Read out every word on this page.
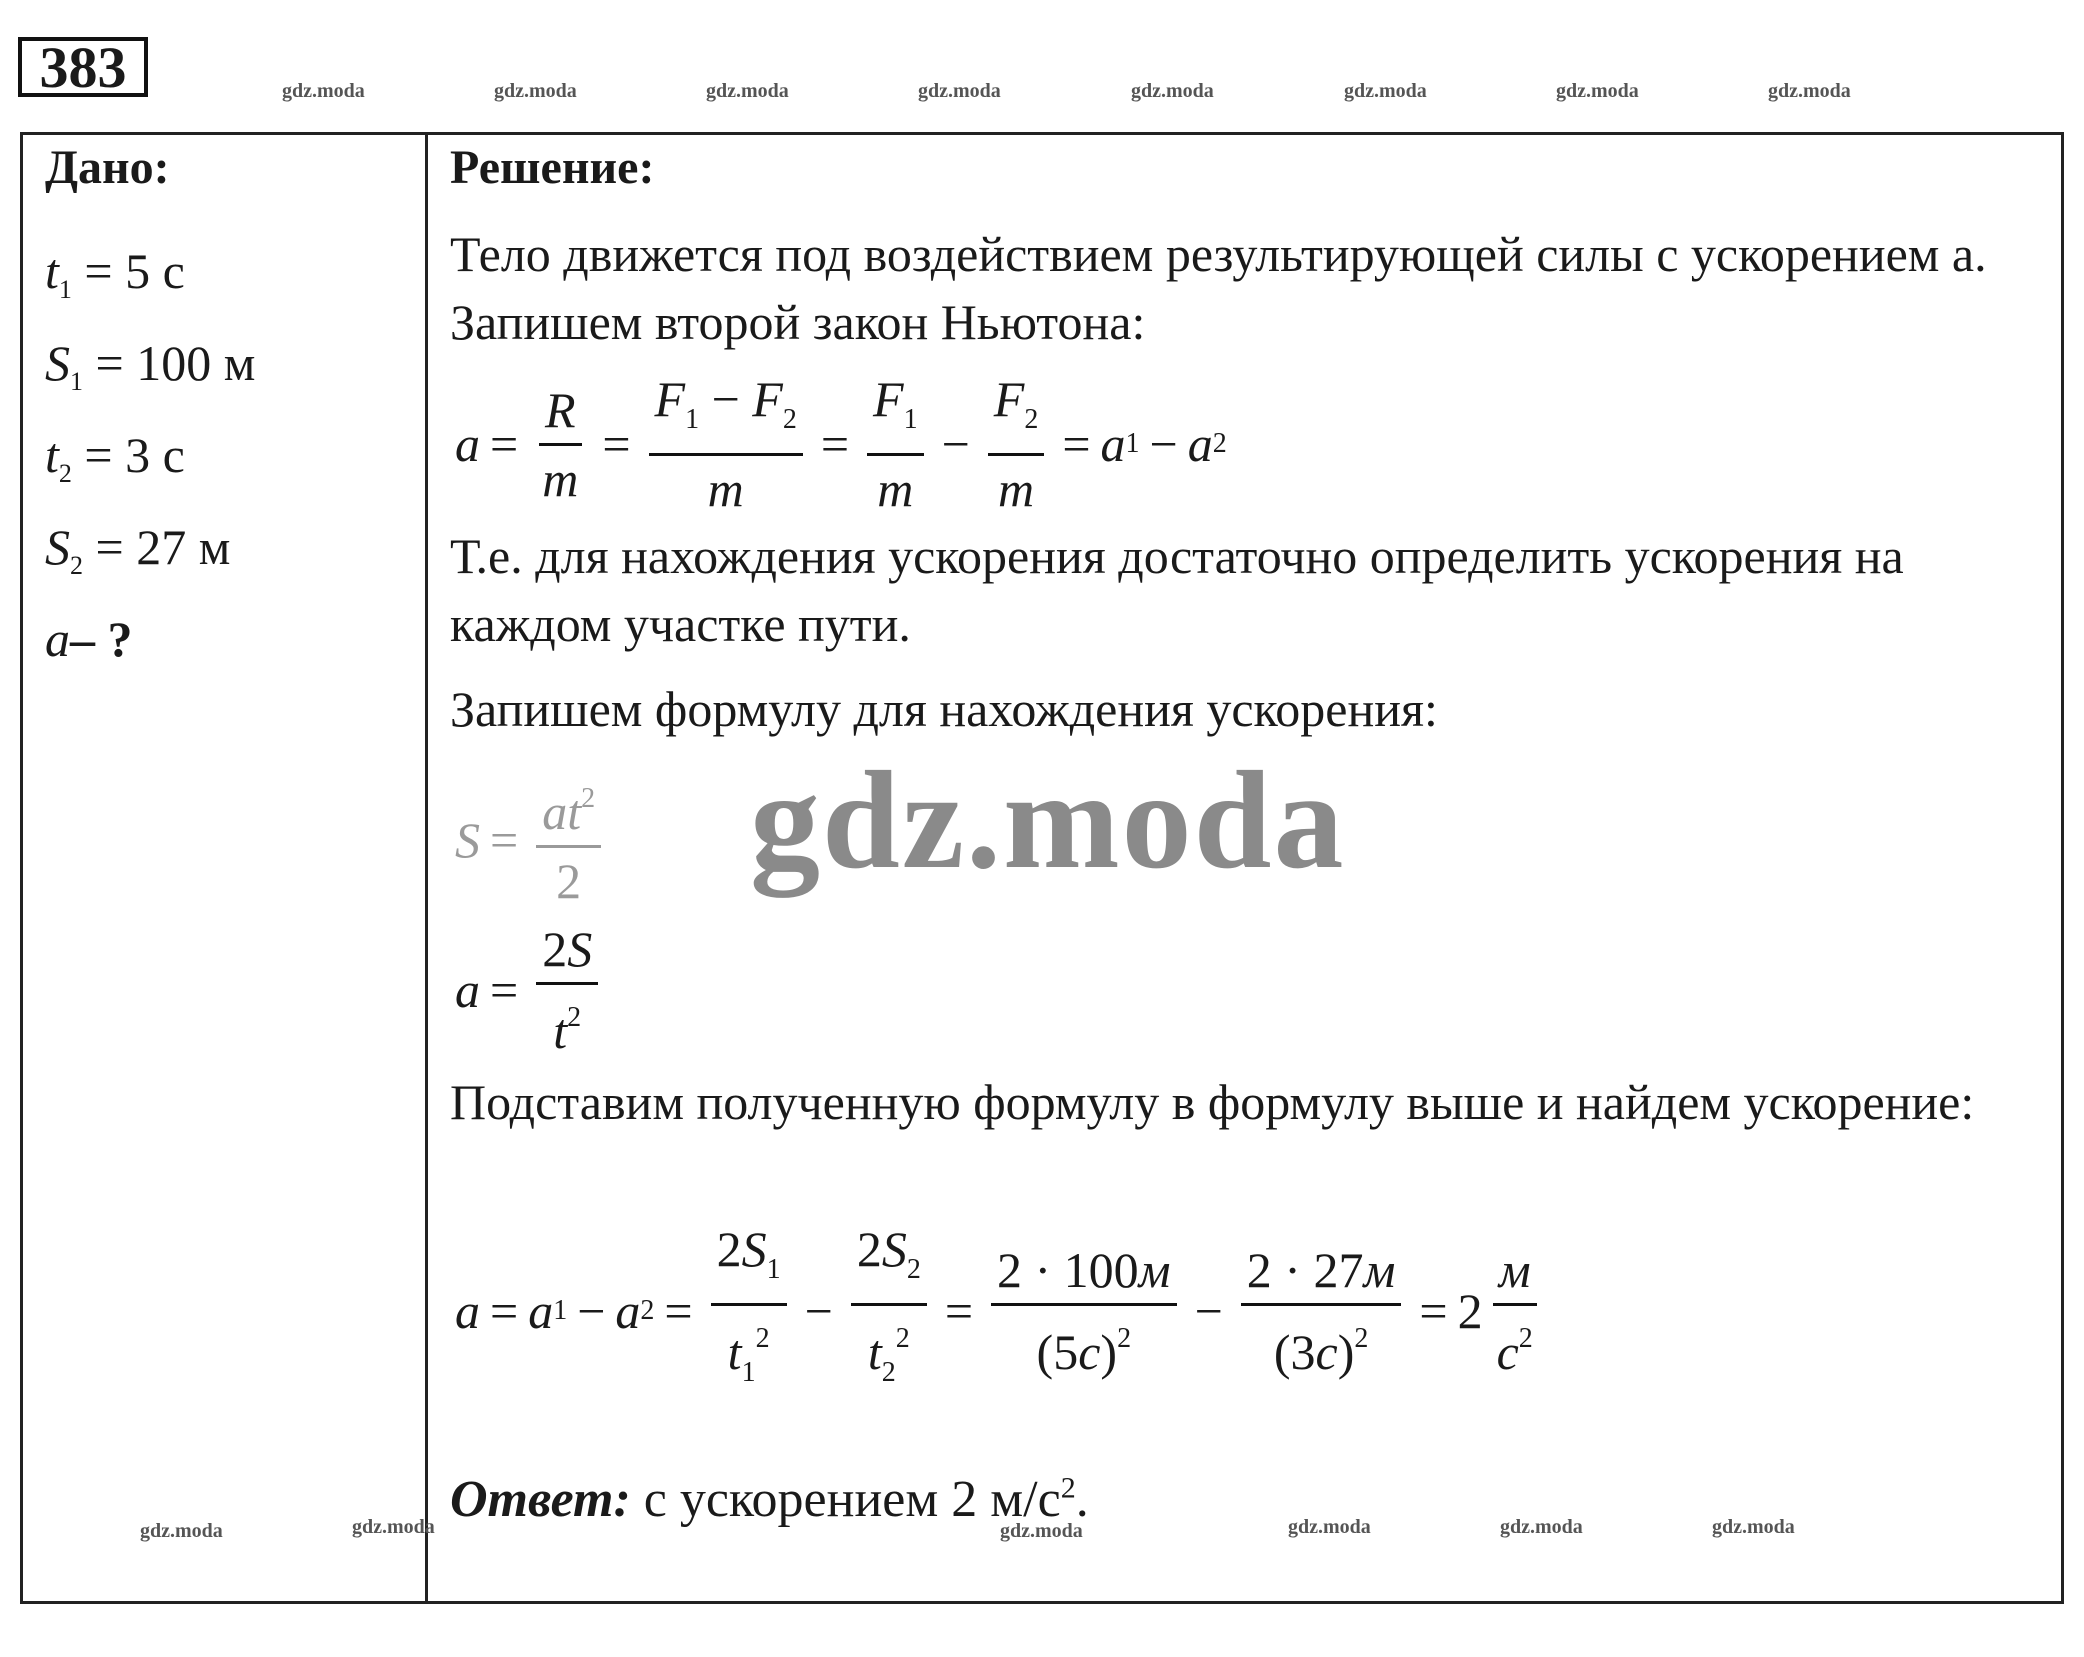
383	gdz.moda	gdz.moda	gdz.moda	gdz.moda	gdz.moda	gdz.moda	gdz.moda	gdz.moda
Дано:
$t_1 = 5$ с
$S_1 = 100$ м
$t_2 = 3$ с
$S_2 = 27$ м
a– ?
Решение:
Тело движется под воздействием результирующей силы с ускорением а. Запишем второй закон Ньютона:
$a = \frac{R}{m} = \frac{F_1 - F_2}{m} = \frac{F_1}{m} - \frac{F_2}{m} = a$ 1 − a 2
Т.е. для нахождения ускорения достаточно определить ускорения на каждом участке пути.
Запишем формулу для нахождения ускорения:
$S = \frac{at^2}{2}$ gdz.moda
$a = \frac{2S}{t^2}$
Подставим полученную формулу в формулу выше и найдем ускорение:
a = a 1 − a $2 = \frac{2S_1}{t_1^2} - \frac{2S_2}{t_2^2} = \frac{2 \cdot 100м}{(5с)^2} - \frac{2 \cdot 27м}{(3с)^2} = 2 \frac{м}{с^2}$
Ответ: с ускорением 2 $м/с^2$.
gdz.moda	gdz.moda	gdz.moda	gdz.moda	gdz.moda	gdz.moda
